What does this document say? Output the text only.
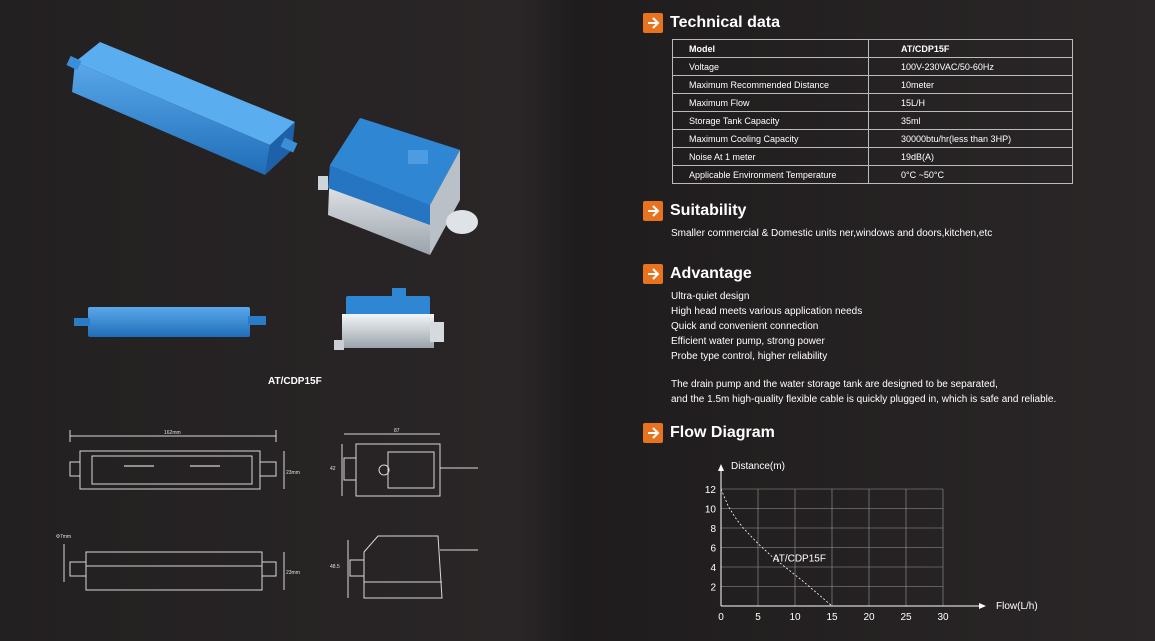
162mm	87
42
23mm
Φ7mm
48.5
23mm
AT/CDP15F
Technical data
Model	AT/CDP15F
Voltage	100V-230VAC/50-60Hz
Maximum Recommended Distance	10meter
Maximum Flow	15L/H
Storage Tank Capacity	35ml
Maximum Cooling Capacity	30000btu/hr(less than 3HP)
Noise At 1 meter	19dB(A)
Applicable Environment Temperature	0°C ~50°C
Suitability
Smaller commercial & Domestic units ner,windows and doors,kitchen,etc
Advantage
Ultra-quiet design
High head meets various application needs
Quick and convenient connection
Efficient water pump, strong power
Probe type control, higher reliability
The drain pump and the water storage tank are designed to be separated,
and the 1.5m high-quality flexible cable is quickly plugged in, which is safe and reliable.
Flow Diagram
0	5	10	15	20	25	30
2
4
6
8
10
12
AT/CDP15F
Distance(m)
Flow(L/h)
